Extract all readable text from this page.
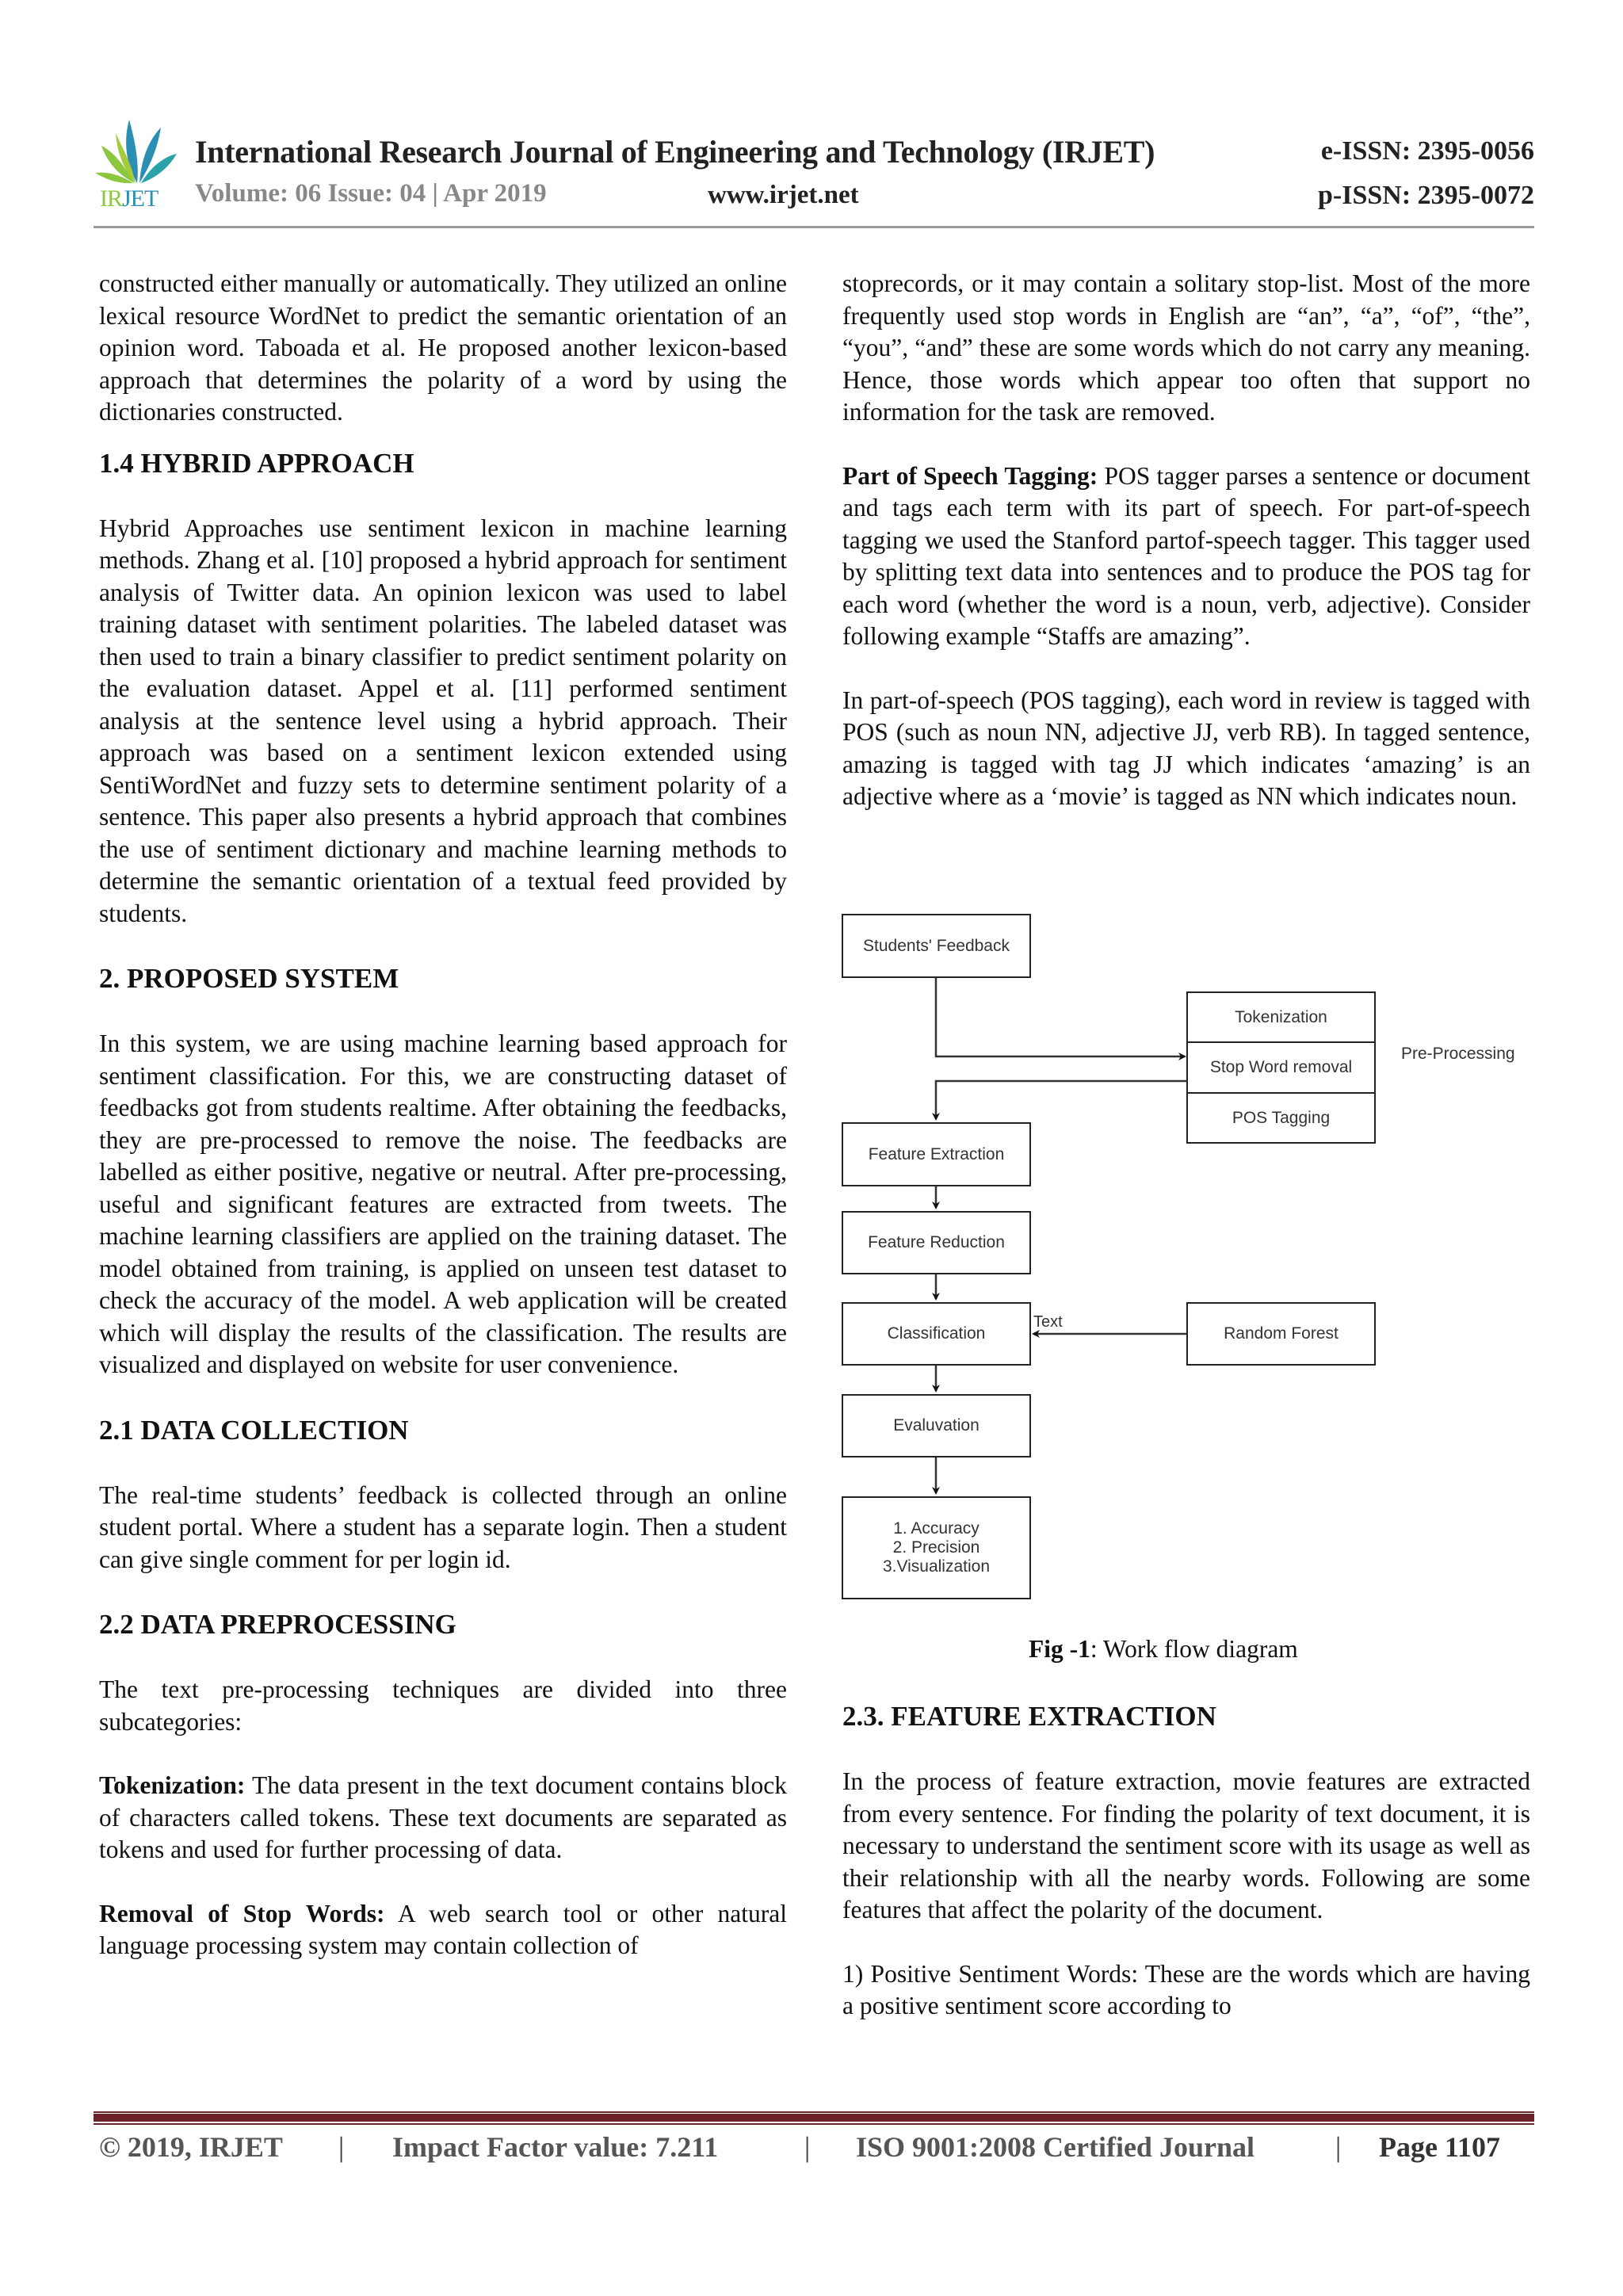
IRJET
International Research Journal of Engineering and Technology (IRJET)	e-ISSN: 2395-0056
Volume: 06 Issue: 04 | Apr 2019	www.irjet.net	p-ISSN: 2395-0072

constructed either manually or automatically. They utilized an online lexical resource WordNet to predict the semantic orientation of an opinion word. Taboada et al. He proposed another lexicon-based approach that determines the polarity of a word by using the dictionaries constructed.

1.4 HYBRID APPROACH

Hybrid Approaches use sentiment lexicon in machine learning methods. Zhang et al. [10] proposed a hybrid approach for sentiment analysis of Twitter data. An opinion lexicon was used to label training dataset with sentiment polarities. The labeled dataset was then used to train a binary classifier to predict sentiment polarity on the evaluation dataset. Appel et al. [11] performed sentiment analysis at the sentence level using a hybrid approach. Their approach was based on a sentiment lexicon extended using SentiWordNet and fuzzy sets to determine sentiment polarity of a sentence. This paper also presents a hybrid approach that combines the use of sentiment dictionary and machine learning methods to determine the semantic orientation of a textual feed provided by students.

2. PROPOSED SYSTEM

In this system, we are using machine learning based approach for sentiment classification. For this, we are constructing dataset of feedbacks got from students realtime. After obtaining the feedbacks, they are pre-processed to remove the noise. The feedbacks are labelled as either positive, negative or neutral. After pre-processing, useful and significant features are extracted from tweets. The machine learning classifiers are applied on the training dataset. The model obtained from training, is applied on unseen test dataset to check the accuracy of the model. A web application will be created which will display the results of the classification. The results are visualized and displayed on website for user convenience.

2.1 DATA COLLECTION

The real-time students’ feedback is collected through an online student portal. Where a student has a separate login. Then a student can give single comment for per login id.

2.2 DATA PREPROCESSING

The text pre-processing techniques are divided into three subcategories:

Tokenization: The data present in the text document contains block of characters called tokens. These text documents are separated as tokens and used for further processing of data.

Removal of Stop Words: A web search tool or other natural language processing system may contain collection of

stoprecords, or it may contain a solitary stop-list. Most of the more frequently used stop words in English are “an”, “a”, “of”, “the”, “you”, “and” these are some words which do not carry any meaning. Hence, those words which appear too often that support no information for the task are removed.

Part of Speech Tagging: POS tagger parses a sentence or document and tags each term with its part of speech. For part-of-speech tagging we used the Stanford partof-speech tagger. This tagger used by splitting text data into sentences and to produce the POS tag for each word (whether the word is a noun, verb, adjective). Consider following example “Staffs are amazing”.

In part-of-speech (POS tagging), each word in review is tagged with POS (such as noun NN, adjective JJ, verb RB). In tagged sentence, amazing is tagged with tag JJ which indicates ‘amazing’ is an adjective where as a ‘movie’ is tagged as NN which indicates noun.

Students' Feedback
Tokenization
Stop Word removal
POS Tagging
Pre-Processing
Feature Extraction
Feature Reduction
Classification
Text
Random Forest
Evaluvation
1. Accuracy
2. Precision
3.Visualization
Fig -1: Work flow diagram
2.3. FEATURE EXTRACTION

In the process of feature extraction, movie features are extracted from every sentence. For finding the polarity of text document, it is necessary to understand the sentiment score with its usage as well as their relationship with all the nearby words. Following are some features that affect the polarity of the document.

1) Positive Sentiment Words: These are the words which are having a positive sentiment score according to

© 2019, IRJET | Impact Factor value: 7.211	| ISO 9001:2008 Certified Journal	| Page 1107
